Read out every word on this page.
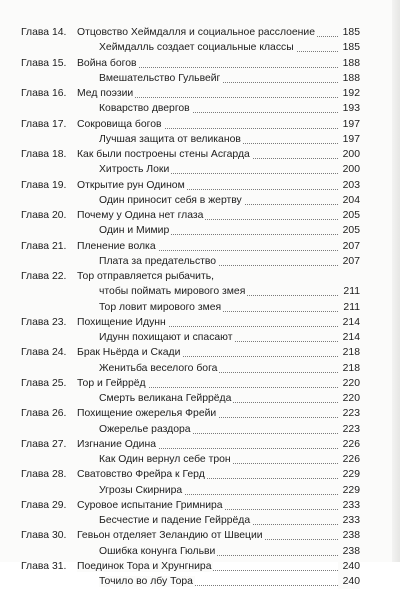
Глава 14.	Отцовство Хеймдалля и социальное расслоение	185
Хеймдалль создает социальные классы	185
Глава 15.	Война богов	188
Вмешательство Гульвейг	188
Глава 16.	Мед поэзии	192
Коварство двергов	193
Глава 17.	Сокровища богов	197
Лучшая защита от великанов	197
Глава 18.	Как были построены стены Асгарда	200
Хитрость Локи	200
Глава 19.	Открытие рун Одином	203
Один приносит себя в жертву	204
Глава 20.	Почему у Одина нет глаза	205
Один и Мимир	205
Глава 21.	Пленение волка	207
Плата за предательство	207
Глава 22.	Тор отправляется рыбачить,
чтобы поймать мирового змея	211
Тор ловит мирового змея	211
Глава 23.	Похищение Идунн	214
Идунн похищают и спасают	214
Глава 24.	Брак Ньёрда и Скади	218
Женитьба веселого бога	218
Глава 25.	Тор и Гейррёд	220
Смерть великана Гейррёда	220
Глава 26.	Похищение ожерелья Фрейи	223
Ожерелье раздора	223
Глава 27.	Изгнание Одина	226
Как Один вернул себе трон	226
Глава 28.	Сватовство Фрейра к Герд	229
Угрозы Скирнира	229
Глава 29.	Суровое испытание Гримнира	233
Бесчестие и падение Гейррёда	233
Глава 30.	Гевьон отделяет Зеландию от Швеции	238
Ошибка конунга Гюльви	238
Глава 31.	Поединок Тора и Хрунгнира	240
Точило во лбу Тора	240
